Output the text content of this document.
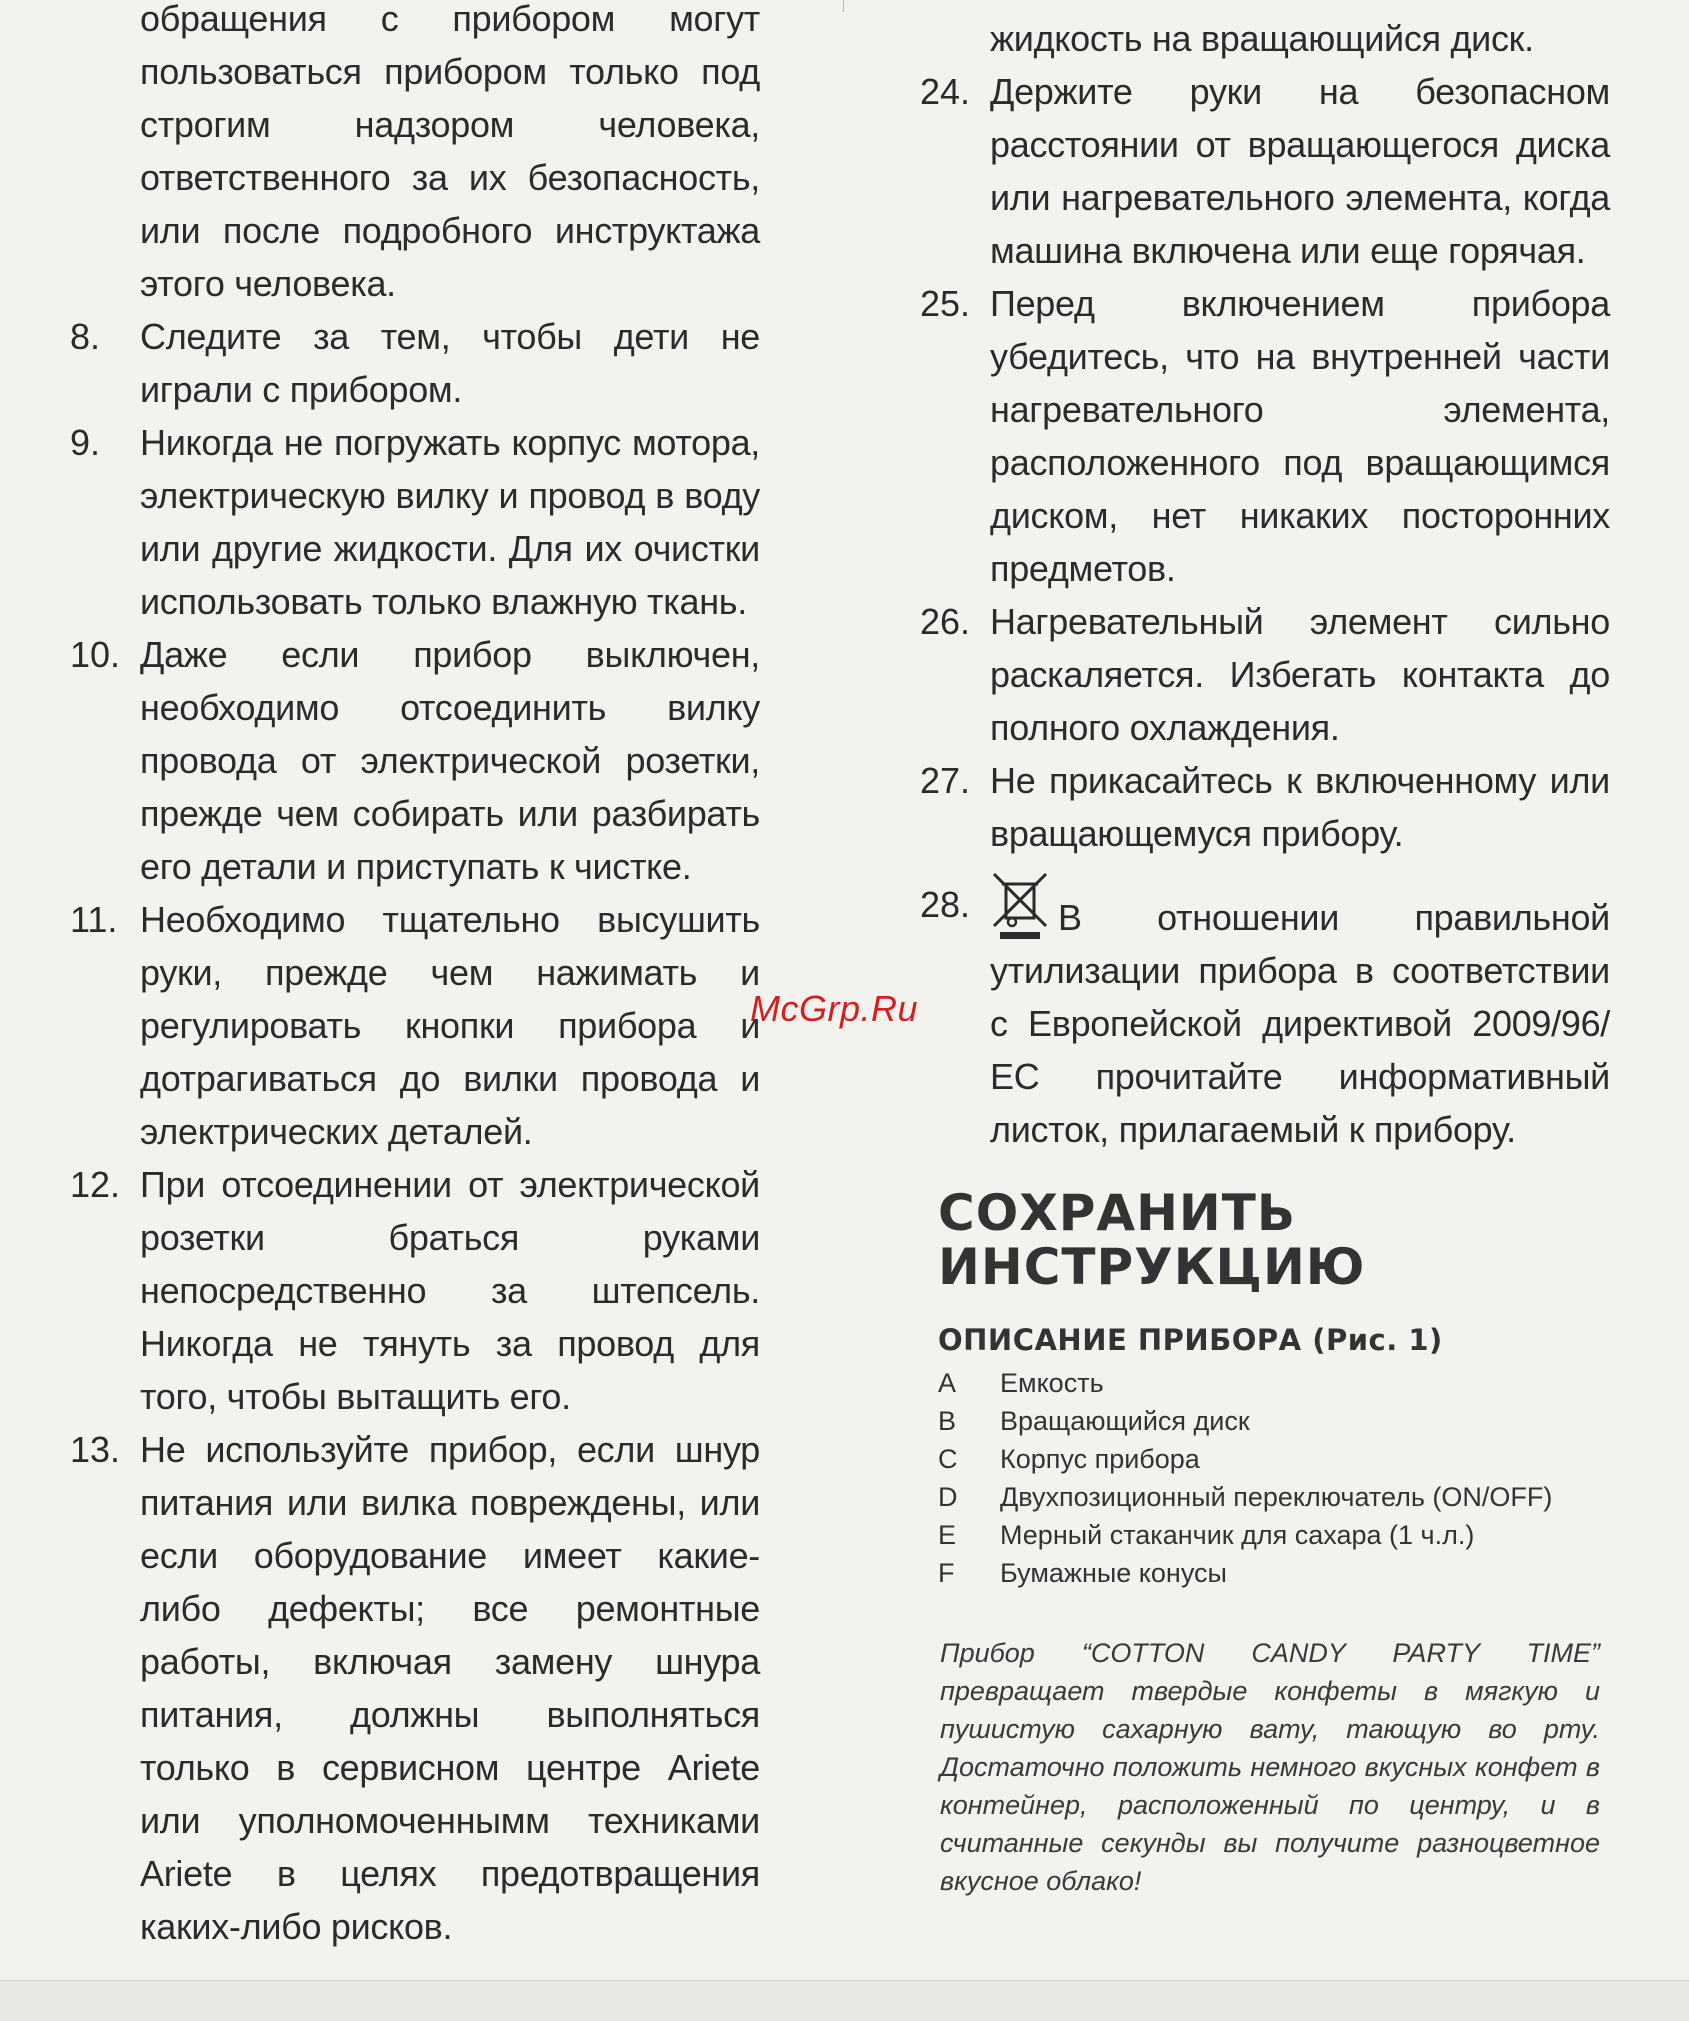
обращения с прибором могут пользоваться прибором только под строгим надзором человека, ответственного за их безопасность, или после подробного инструктажа этого человека.
8. Следите за тем, чтобы дети не играли с прибором.
9. Никогда не погружать корпус мотора, электрическую вилку и провод в воду или другие жидкости. Для их очистки использовать только влажную ткань.
10. Даже если прибор выключен, необходимо отсоединить вилку провода от электрической розетки, прежде чем собирать или разбирать его детали и приступать к чистке.
11. Необходимо тщательно высушить руки, прежде чем нажимать и регулировать кнопки прибора и дотрагиваться до вилки провода и электрических деталей.
12. При отсоединении от электрической розетки браться руками непосредственно за штепсель. Никогда не тянуть за провод для того, чтобы вытащить его.
13. Не используйте прибор, если шнур питания или вилка повреждены, или если оборудование имеет какие-либо дефекты; все ремонтные работы, включая замену шнура питания, должны выполняться только в сервисном центре Ariete или уполномоченнымм техниками Ariete в целях предотвращения каких-либо рисков.
жидкость на вращающийся диск.
24. Держите руки на безопасном расстоянии от вращающегося диска или нагревательного элемента, когда машина включена или еще горячая.
25. Перед включением прибора убедитесь, что на внутренней части нагревательного элемента, расположенного под вращающимся диском, нет никаких посторонних предметов.
26. Нагревательный элемент сильно раскаляется. Избегать контакта до полного охлаждения.
27. Не прикасайтесь к включенному или вращающемуся прибору.
28.	В отношении правильной утилизации прибора в соответствии с Европейской директивой 2009/96/ЕС прочитайте информативный листок, прилагаемый к прибору.
СОХРАНИТЬ
ИНСТРУКЦИЮ
ОПИСАНИЕ ПРИБОРА (Рис. 1)
A	Емкость
B	Вращающийся диск
C	Корпус прибора
D	Двухпозиционный переключатель (ON/OFF)
E	Мерный стаканчик для сахара (1 ч.л.)
F	Бумажные конусы
Прибор “COTTON CANDY PARTY TIME” превращает твердые конфеты в мягкую и пушистую сахарную вату, тающую во рту. Достаточно положить немного вкусных конфет в контейнер, расположенный по центру, и в считанные секунды вы получите разноцветное вкусное облако!
McGrp.Ru
